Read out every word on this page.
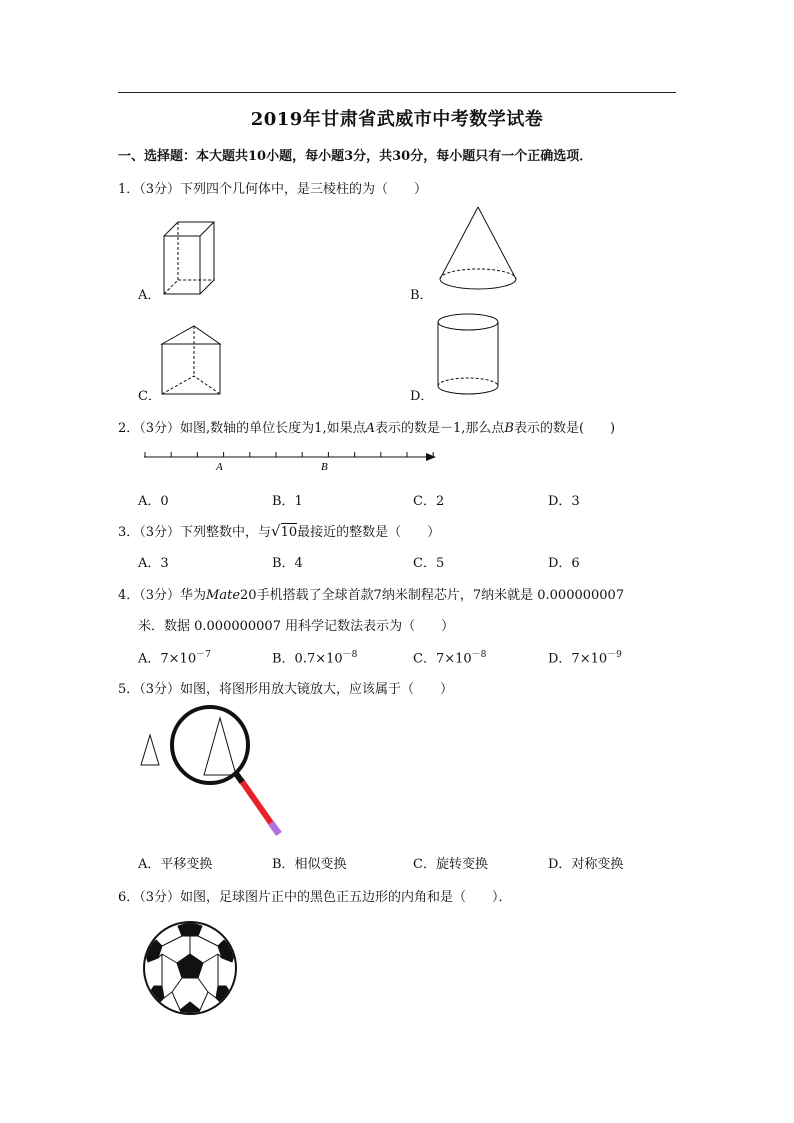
2019年甘肃省武威市中考数学试卷
一、选择题：本大题共10小题，每小题3分，共30分，每小题只有一个正确选项．
1．（3分）下列四个几何体中，是三棱柱的为（　　）
A．	B．
C．	D．
2．（3分）如图,数轴的单位长度为1,如果点A表示的数是－1,那么点B表示的数是(　　)
A	B
A．0	B．1	C．2	D．3
3．（3分）下列整数中，与√10最接近的整数是（　　）
A．3	B．4	C．5	D．6
4．（3分）华为Mate20手机搭载了全球首款7纳米制程芯片，7纳米就是 0.000000007
米．数据 0.000000007 用科学记数法表示为（　　）
A．$7\times 10^{-7}$	B．$0.7\times 10^{-8}$	C．$7\times 10^{-8}$	D．$7\times 10^{-9}$
5．（3分）如图，将图形用放大镜放大，应该属于（　　）
A．平移变换	B．相似变换	C．旋转变换	D．对称变换
6．（3分）如图，足球图片正中的黑色正五边形的内角和是（　　）．
